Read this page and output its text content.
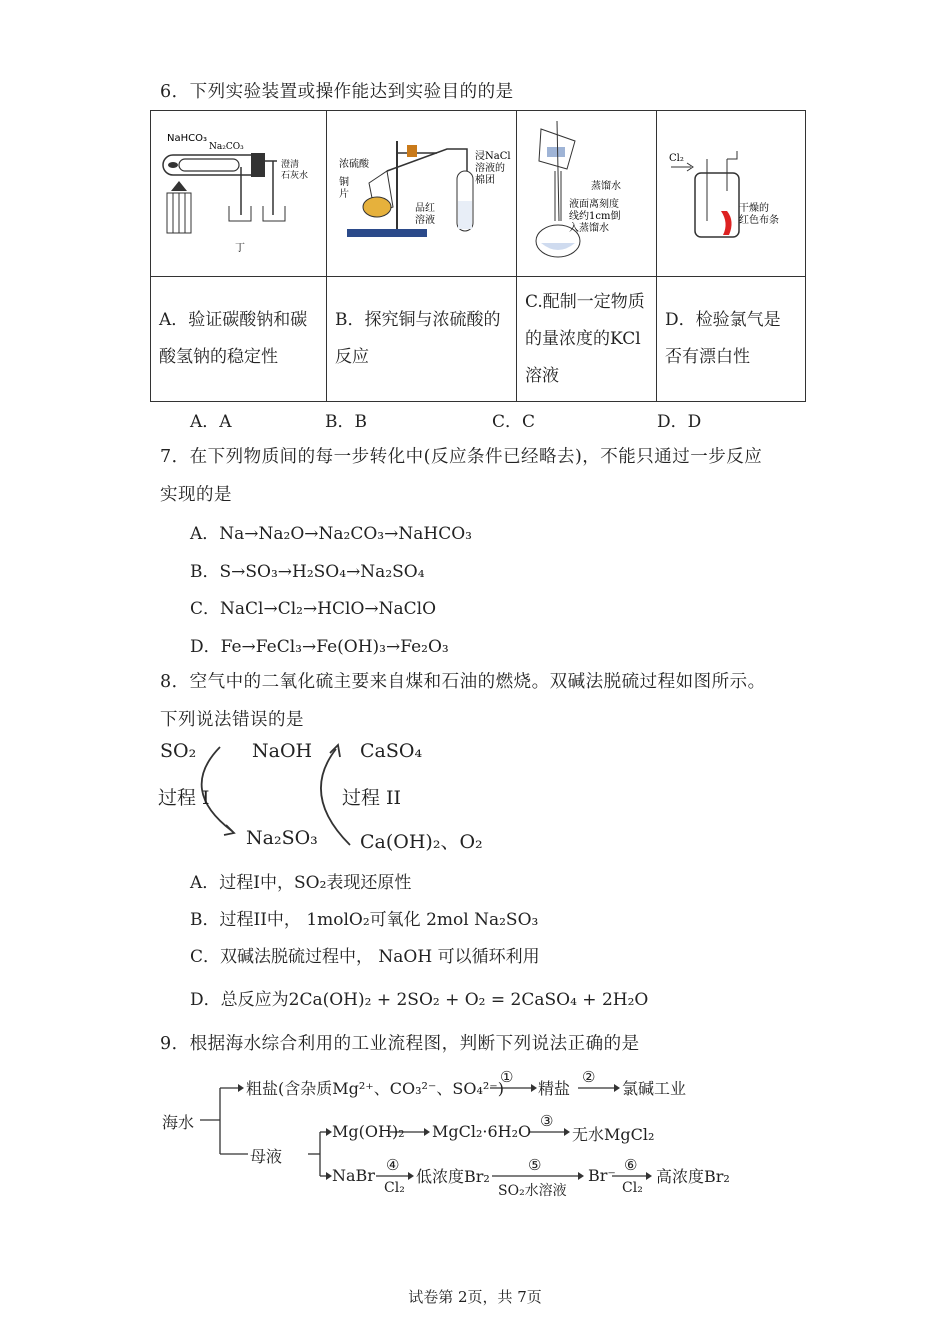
6．下列实验装置或操作能达到实验目的的是
NaHCO₃
Na₂CO₃
澄清石灰水
丁	浓硫酸
铜片
浸NaCl 溶液的棉团
品红溶液	蒸馏水
液面离刻度线约1cm倒入蒸馏水	Cl₂
干燥的红色布条

A．验证碳酸钠和碳酸氢钠的稳定性	B．探究铜与浓硫酸的反应	C.配制一定物质的量浓度的KCl溶液	D．检验氯气是否有漂白性
A．A	B．B	C．C	D．D
7．在下列物质间的每一步转化中(反应条件已经略去)，不能只通过一步反应
实现的是
A．Na→Na₂O→Na₂CO₃→NaHCO₃
B．S→SO₃→H₂SO₄→Na₂SO₄
C．NaCl→Cl₂→HClO→NaClO
D．Fe→FeCl₃→Fe(OH)₃→Fe₂O₃
8．空气中的二氧化硫主要来自煤和石油的燃烧。双碱法脱硫过程如图所示。
下列说法错误的是
SO₂	NaOH	CaSO₄
过程 I	过程 II
Na₂SO₃ Ca(OH)₂、O₂
A．过程I中，SO₂表现还原性
B．过程II中， 1molO₂可氧化 2mol Na₂SO₃
C．双碱法脱硫过程中， NaOH 可以循环利用
D．总反应为2Ca(OH)₂ + 2SO₂ + O₂ = 2CaSO₄ + 2H₂O
9．根据海水综合利用的工业流程图，判断下列说法正确的是
海水
粗盐(含杂质Mg²⁺、CO₃²⁻、SO₄²⁻)
①
精盐
②
氯碱工业
母液
Mg(OH)₂ MgCl₂·6H₂O
③
无水MgCl₂
NaBr
④
Cl₂
低浓度Br₂
⑤
SO₂水溶液
Br⁻
⑥
Cl₂
高浓度Br₂
试卷第 2页，共 7页
